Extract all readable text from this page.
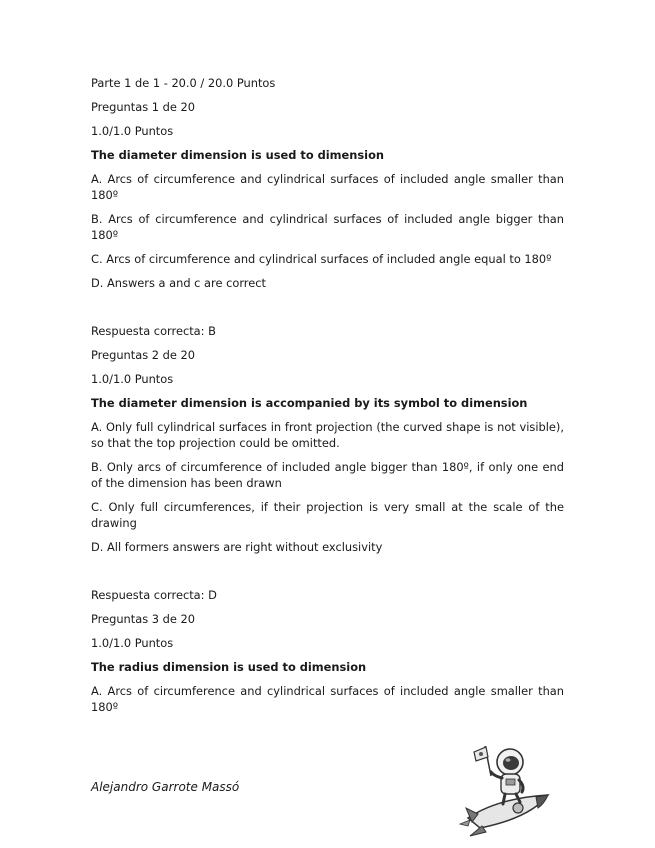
Parte 1 de 1 - 20.0 / 20.0 Puntos

Preguntas 1 de 20

1.0/1.0 Puntos

The diameter dimension is used to dimension

A. Arcs of circumference and cylindrical surfaces of included angle smaller than 180º

B. Arcs of circumference and cylindrical surfaces of included angle bigger than 180º

C. Arcs of circumference and cylindrical surfaces of included angle equal to 180º

D. Answers a and c are correct

Respuesta correcta: B

Preguntas 2 de 20

1.0/1.0 Puntos

The diameter dimension is accompanied by its symbol to dimension

A. Only full cylindrical surfaces in front projection (the curved shape is not visible), so that the top projection could be omitted.

B. Only arcs of circumference of included angle bigger than 180º, if only one end of the dimension has been drawn

C. Only full circumferences, if their projection is very small at the scale of the drawing

D. All formers answers are right without exclusivity

Respuesta correcta: D

Preguntas 3 de 20

1.0/1.0 Puntos

The radius dimension is used to dimension

A. Arcs of circumference and cylindrical surfaces of included angle smaller than 180º

Alejandro Garrote Massó
